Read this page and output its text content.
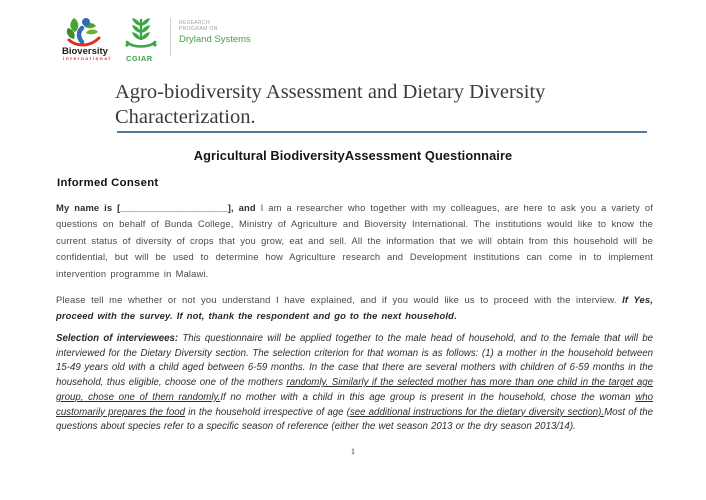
Bioversity
international CGIAR
RESEARCH
PROGRAM ON
Dryland Systems
Agro-biodiversity Assessment and Dietary Diversity
Characterization.
Agricultural BiodiversityAssessment Questionnaire
Informed Consent
My name is [____________________], and I am a researcher who together with my colleagues, are here to ask you a variety of questions on behalf of Bunda College, Ministry of Agriculture and Bioversity International. The institutions would like to know the current status of diversity of crops that you grow, eat and sell. All the information that we will obtain from this household will be confidential, but will be used to determine how Agriculture research and Development institutions can come in to implement intervention programme in Malawi.
Please tell me whether or not you understand I have explained, and if you would like us to proceed with the interview. If Yes, proceed with the survey. If not, thank the respondent and go to the next household.
Selection of interviewees: This questionnaire will be applied together to the male head of household, and to the female that will be interviewed for the Dietary Diversity section. The selection criterion for that woman is as follows: (1) a mother in the household between 15-49 years old with a child aged between 6-59 months. In the case that there are several mothers with children of 6-59 months in the household, thus eligible, choose one of the mothers randomly. Similarly if the selected mother has more than one child in the target age group, chose one of them randomly.If no mother with a child in this age group is present in the household, chose the woman who customarily prepares the food in the household irrespective of age (see additional instructions for the dietary diversity section).Most of the questions about species refer to a specific season of reference (either the wet season 2013 or the dry season 2013/14).
1
